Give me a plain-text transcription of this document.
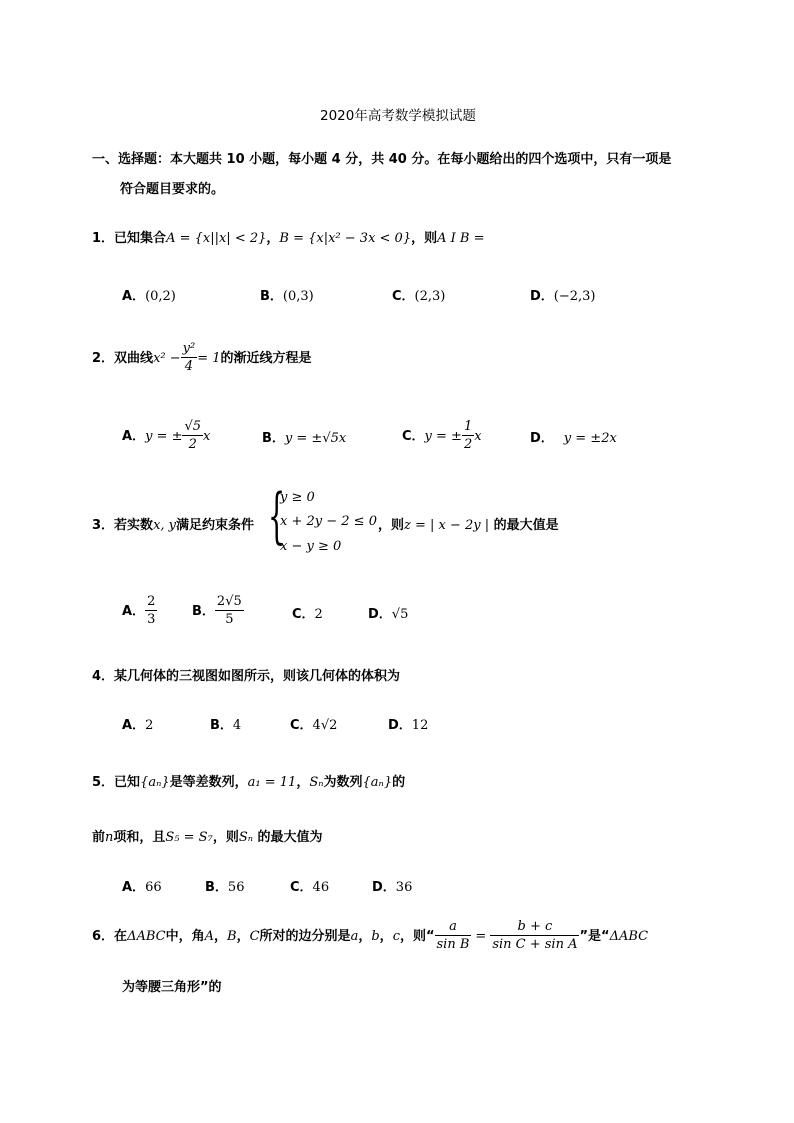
2020年高考数学模拟试题
一、选择题：本大题共 10 小题，每小题 4 分，共 40 分。在每小题给出的四个选项中，只有一项是
符合题目要求的。
1．已知集合A = {x||x| < 2}，B = {x|x² − 3x < 0}，则A I B =
A．(0,2)	B．(0,3)	C．(2,3)	D．(−2,3)
2．双曲线$x^2 - \frac{\text{y²}}{4} = 1$的渐近线方程是
A．y = ± $\frac{√5}{2}$ x	B．y = ±√5x	C．y = ± $\frac{1}{2}$ x	D． y = ±2x
3．若实数x, y满足约束条件 {
y ≥ 0
x + 2y − 2 ≤ 0
x − y ≥ 0
，则z = | x − 2y | 的最大值是
A． $\frac{2}{3}$	B． $\frac{2√5}{5}$	C．2	D．√5
4．某几何体的三视图如图所示，则该几何体的体积为
A．2	B．4	C．4√2	D．12
5．已知{aₙ}是等差数列，a₁ = 11，Sₙ为数列{aₙ}的
前n项和，且S₅ = S₇，则Sₙ 的最大值为
A．66	B．56	C．46	D．36
6．在ΔABC中，角A，B，C所对的边分别是a，b，c，则“ $\frac{a}{\text{sin B}} = \frac{b + c}{\text{sin C + sin A}}$ ”是“ΔABC
为等腰三角形”的
